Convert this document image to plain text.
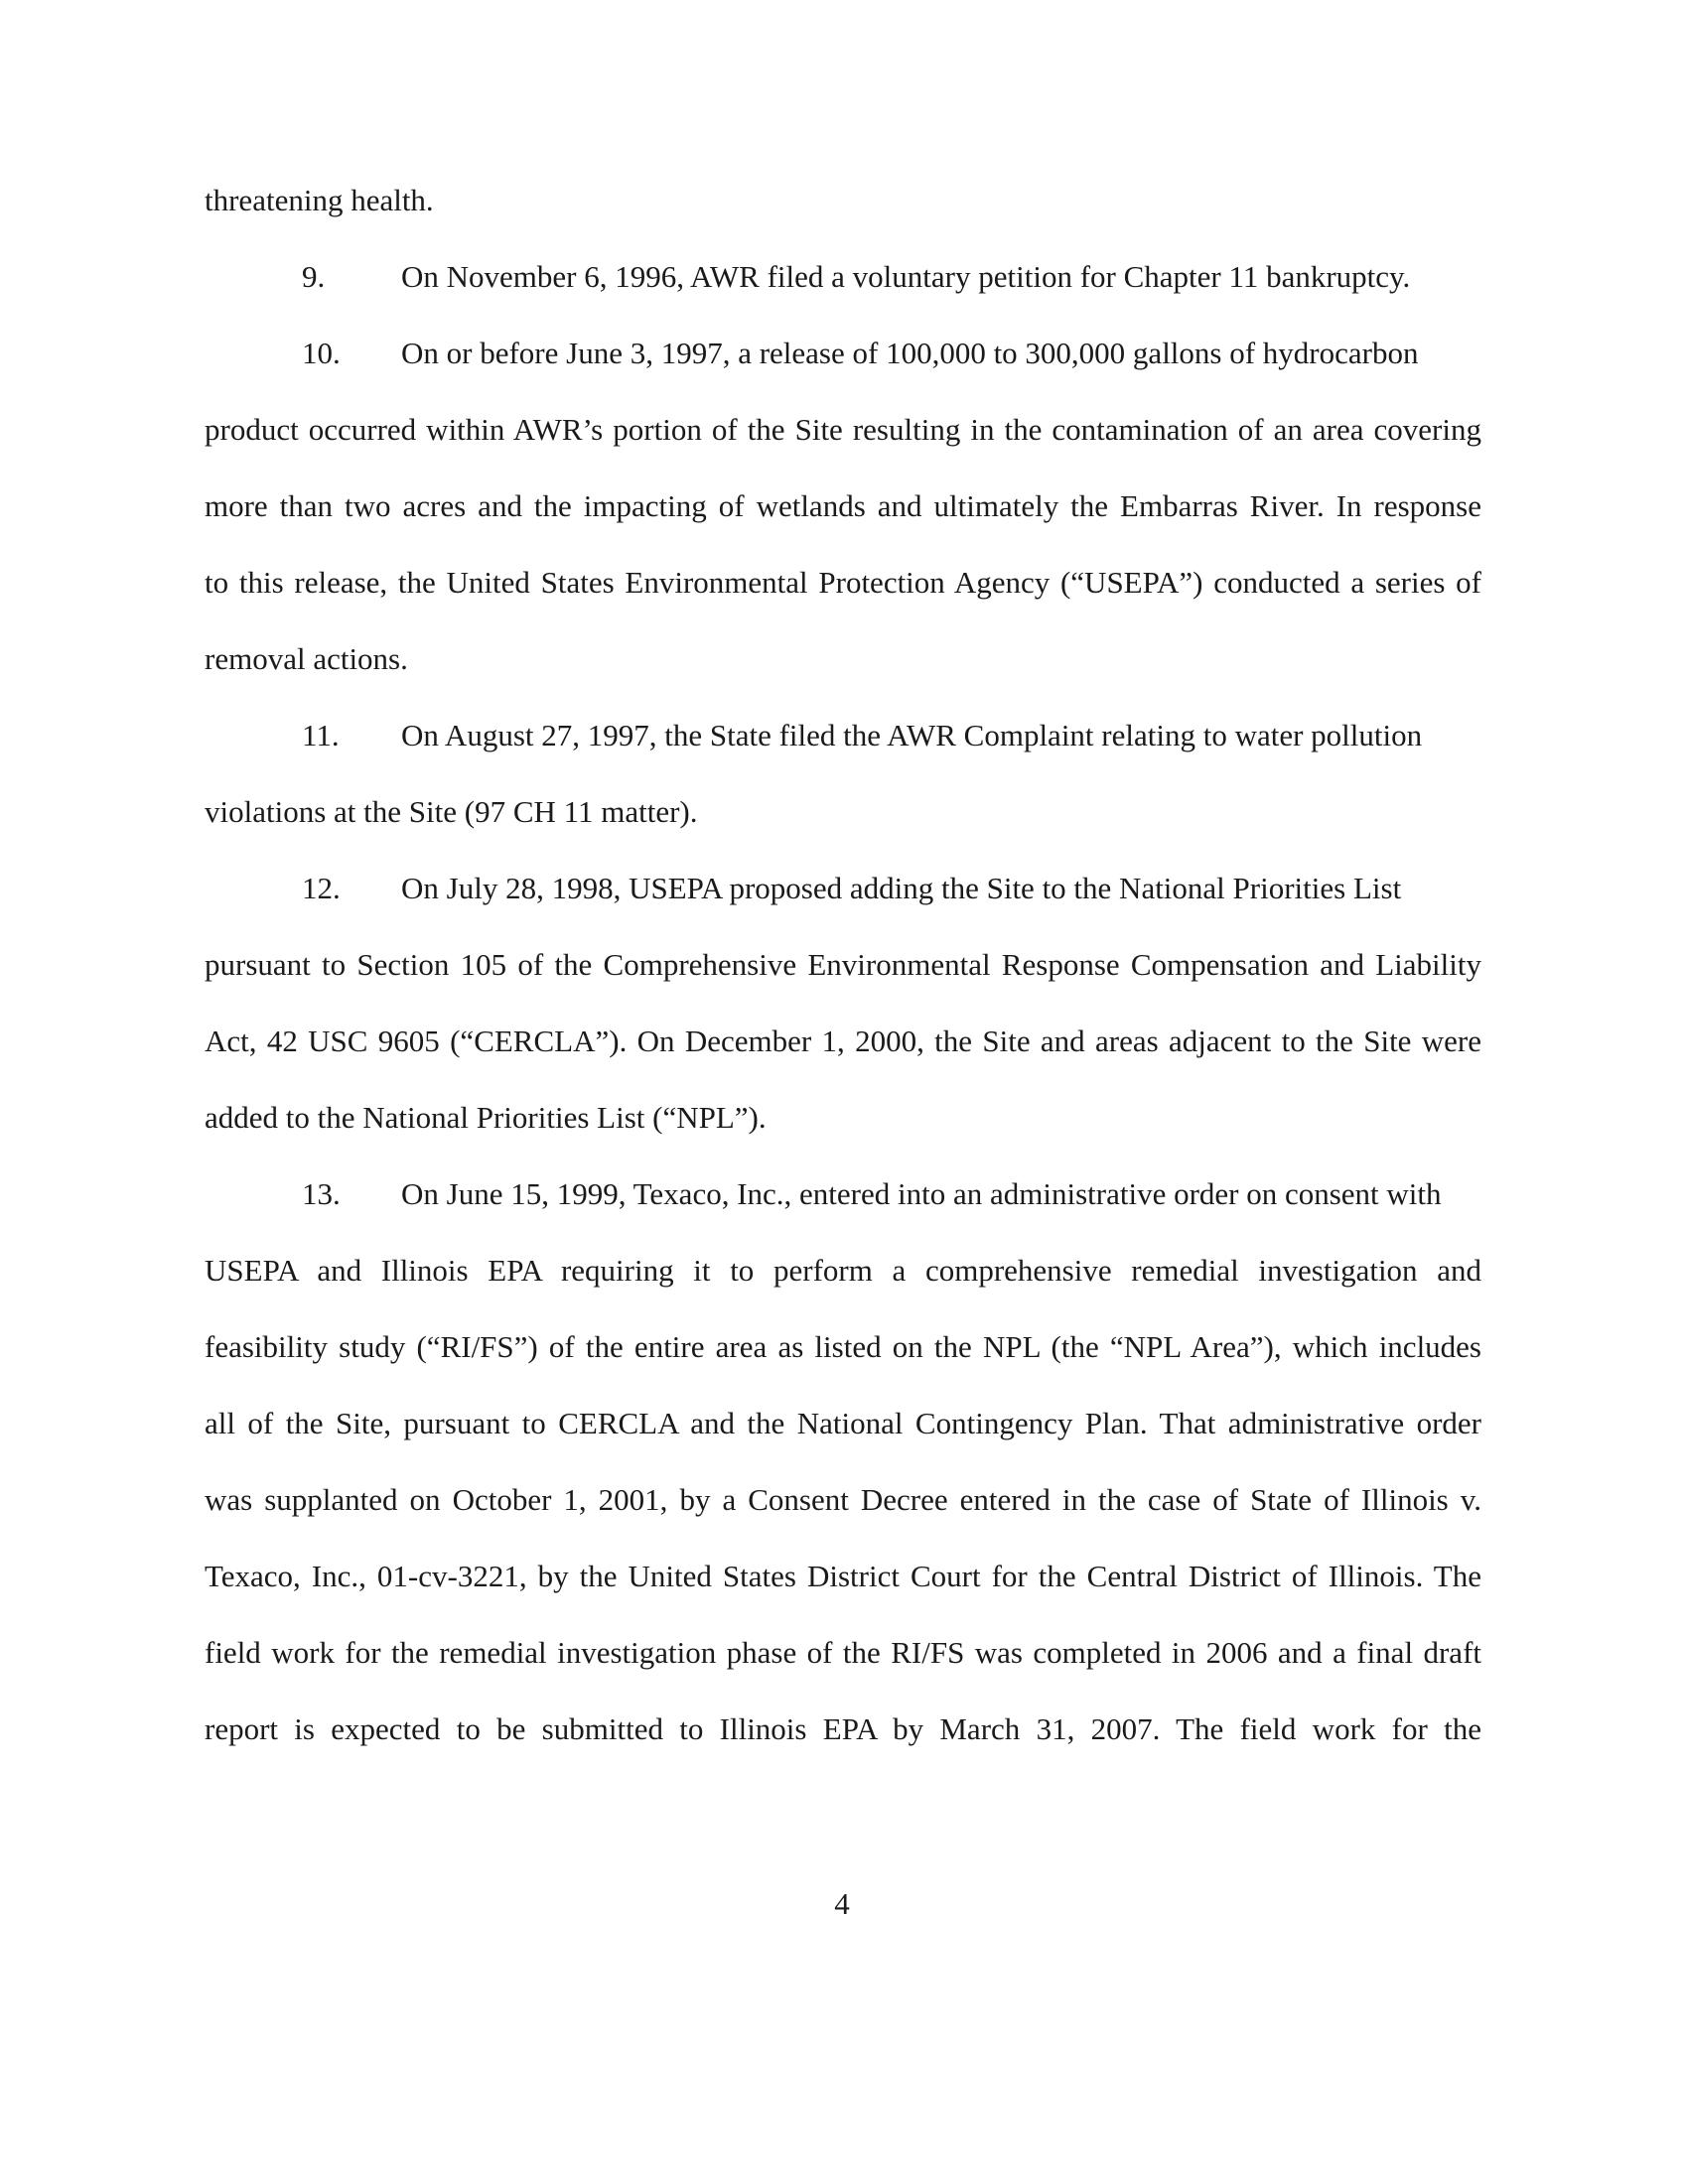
threatening health.
9. On November 6, 1996, AWR filed a voluntary petition for Chapter 11 bankruptcy.
10. On or before June 3, 1997, a release of 100,000 to 300,000 gallons of hydrocarbon
product occurred within AWR’s portion of the Site resulting in the contamination of an area covering
more than two acres and the impacting of wetlands and ultimately the Embarras River. In response
to this release, the United States Environmental Protection Agency (“USEPA”) conducted a series of
removal actions.
11. On August 27, 1997, the State filed the AWR Complaint relating to water pollution
violations at the Site (97 CH 11 matter).
12. On July 28, 1998, USEPA proposed adding the Site to the National Priorities List
pursuant to Section 105 of the Comprehensive Environmental Response Compensation and Liability
Act, 42 USC 9605 (“CERCLA”). On December 1, 2000, the Site and areas adjacent to the Site were
added to the National Priorities List (“NPL”).
13. On June 15, 1999, Texaco, Inc., entered into an administrative order on consent with
USEPA and Illinois EPA requiring it to perform a comprehensive remedial investigation and
feasibility study (“RI/FS”) of the entire area as listed on the NPL (the “NPL Area”), which includes
all of the Site, pursuant to CERCLA and the National Contingency Plan. That administrative order
was supplanted on October 1, 2001, by a Consent Decree entered in the case of State of Illinois v.
Texaco, Inc., 01-cv-3221, by the United States District Court for the Central District of Illinois. The
field work for the remedial investigation phase of the RI/FS was completed in 2006 and a final draft
report is expected to be submitted to Illinois EPA by March 31, 2007. The field work for the
4
